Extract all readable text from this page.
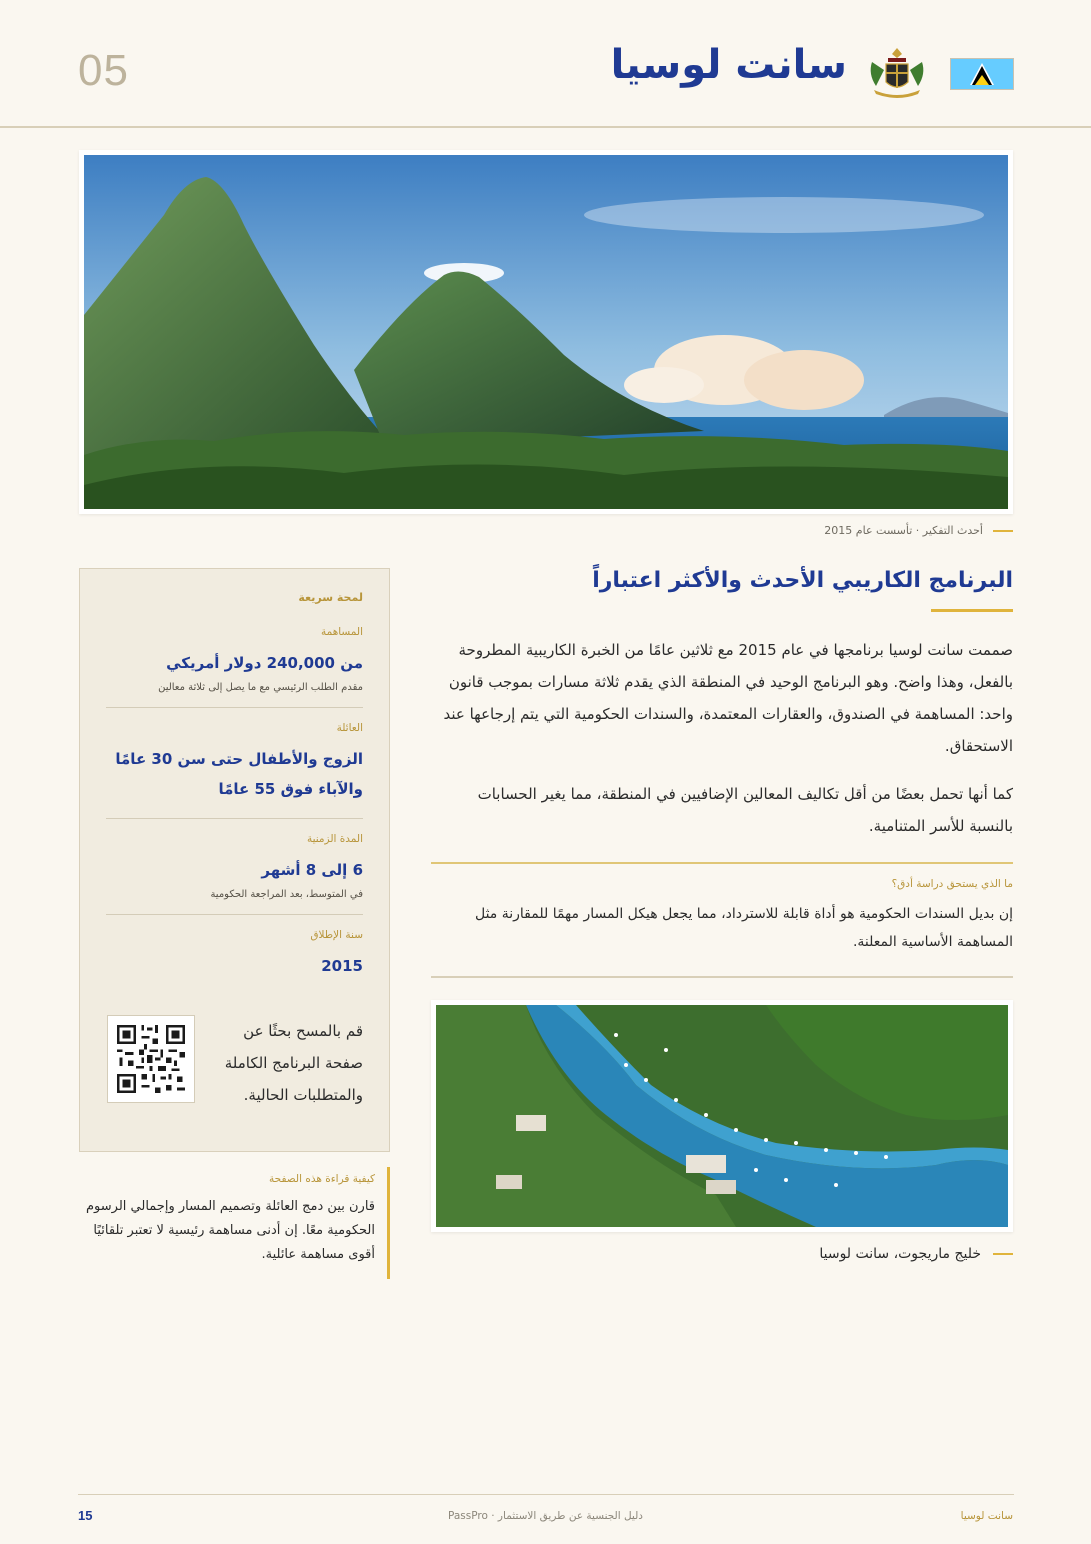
05	سانت لوسيا
أحدث التفكير · تأسست عام 2015
البرنامج الكاريبي الأحدث والأكثر اعتباراً

صممت سانت لوسيا برنامجها في عام 2015 مع ثلاثين عامًا من الخبرة الكاريبية المطروحة بالفعل، وهذا واضح. وهو البرنامج الوحيد في المنطقة الذي يقدم ثلاثة مسارات بموجب قانون واحد: المساهمة في الصندوق، والعقارات المعتمدة، والسندات الحكومية التي يتم إرجاعها عند الاستحقاق.

كما أنها تحمل بعضًا من أقل تكاليف المعالين الإضافيين في المنطقة، مما يغير الحسابات بالنسبة للأسر المتنامية.

ما الذي يستحق دراسة أدق؟
إن بديل السندات الحكومية هو أداة قابلة للاسترداد، مما يجعل هيكل المسار مهمًا للمقارنة مثل المساهمة الأساسية المعلنة.
خليج ماريجوت، سانت لوسيا
لمحة سريعة
المساهمة
من 240,000 دولار أمريكي
مقدم الطلب الرئيسي مع ما يصل إلى ثلاثة معالين
العائلة
الزوج والأطفال حتى سن 30 عامًا والآباء فوق 55 عامًا
المدة الزمنية
6 إلى 8 أشهر
في المتوسط، بعد المراجعة الحكومية
سنة الإطلاق
2015
قم بالمسح بحثًا عن صفحة البرنامج الكاملة والمتطلبات الحالية.
كيفية قراءة هذه الصفحة
قارن بين دمج العائلة وتصميم المسار وإجمالي الرسوم الحكومية معًا. إن أدنى مساهمة رئيسية لا تعتبر تلقائيًا أقوى مساهمة عائلية.
15	دليل الجنسية عن طريق الاستثمار · PassPro	سانت لوسيا
